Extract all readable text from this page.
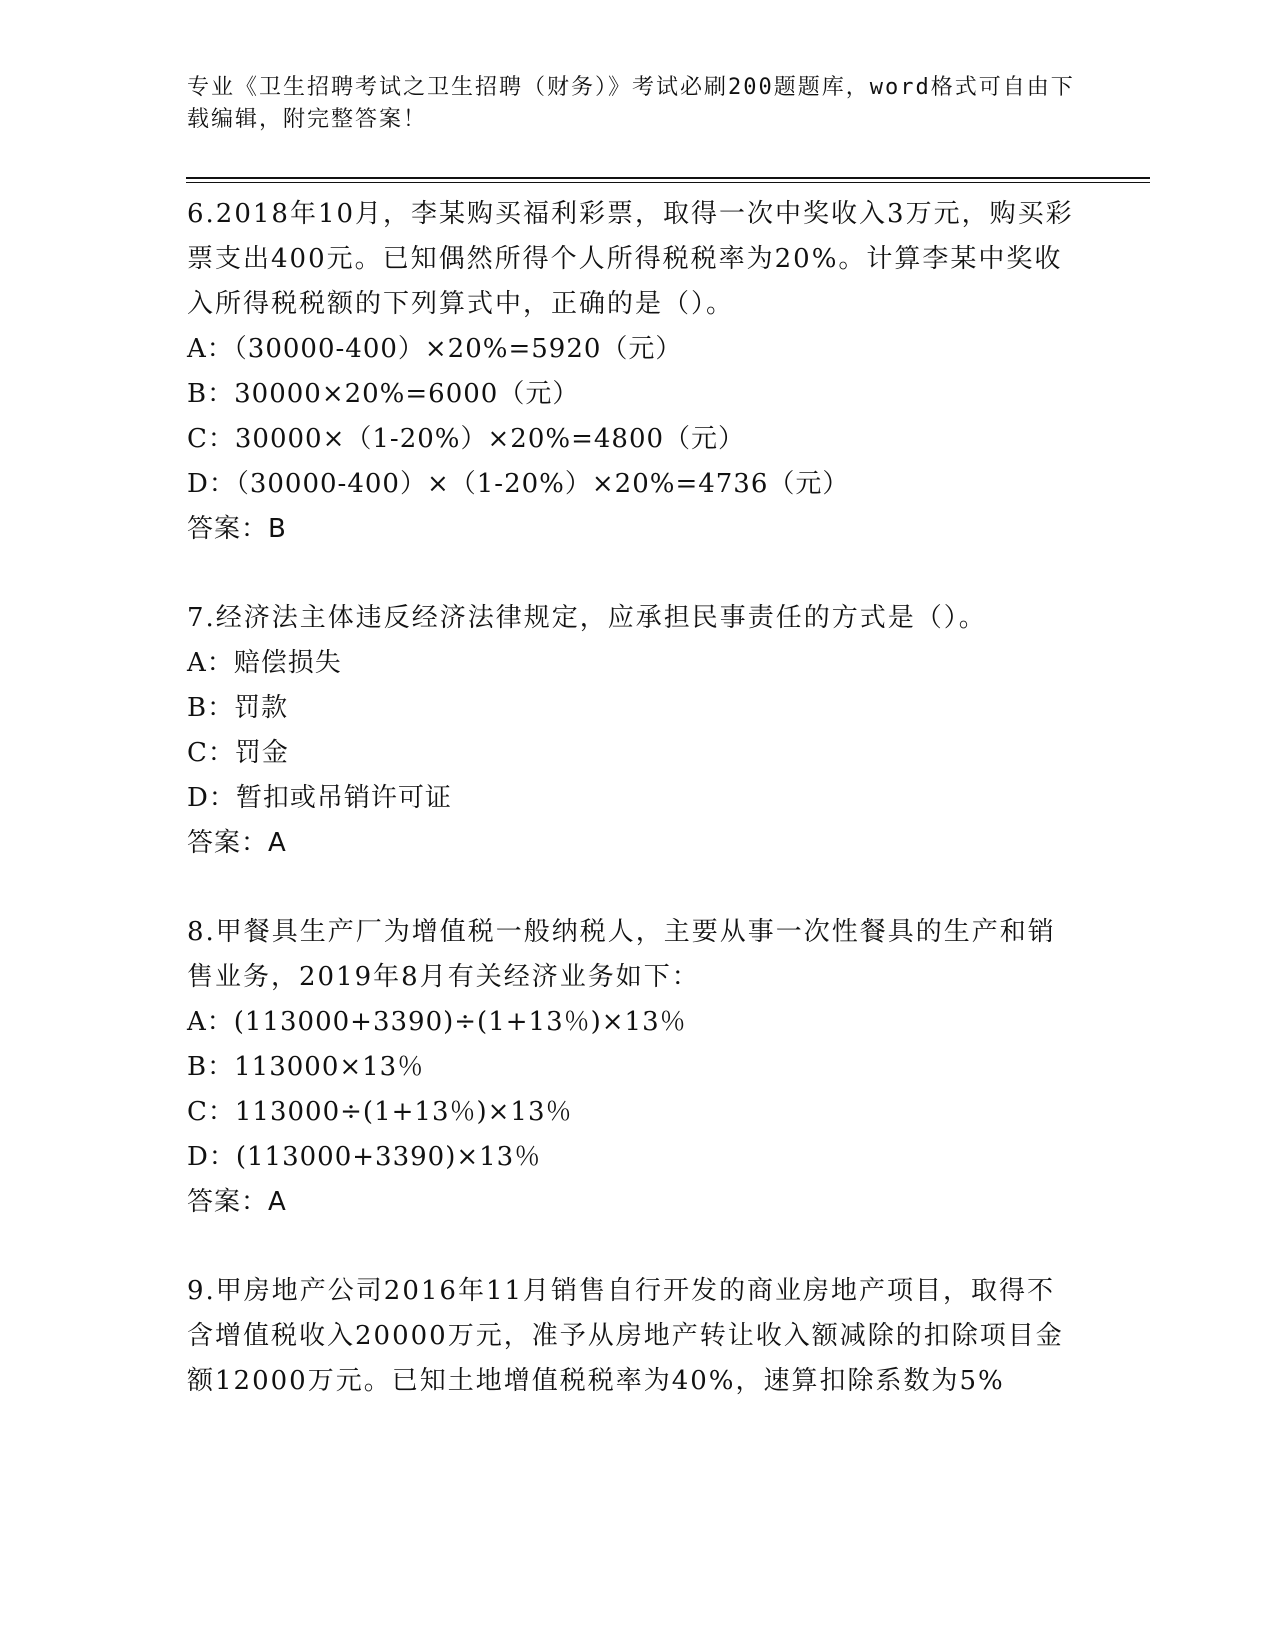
专业《卫生招聘考试之卫生招聘（财务）》考试必刷200题题库，word格式可自由下载编辑，附完整答案！

6.2018年10月，李某购买福利彩票，取得一次中奖收入3万元，购买彩票支出400元。已知偶然所得个人所得税税率为20%。计算李某中奖收入所得税税额的下列算式中，正确的是（）。

A：（30000-400）×20%=5920（元）

B：30000×20%=6000（元）

C：30000×（1-20%）×20%=4800（元）

D：（30000-400）×（1-20%）×20%=4736（元）

答案：B

7.经济法主体违反经济法律规定，应承担民事责任的方式是（）。

A：赔偿损失

B：罚款

C：罚金

D：暂扣或吊销许可证

答案：A

8.甲餐具生产厂为增值税一般纳税人，主要从事一次性餐具的生产和销售业务，2019年8月有关经济业务如下：

A：(113000+3390)÷(1+13％)×13％

B：113000×13％

C：113000÷(1+13％)×13％

D：(113000+3390)×13％

答案：A

9.甲房地产公司2016年11月销售自行开发的商业房地产项目，取得不含增值税收入20000万元，准予从房地产转让收入额减除的扣除项目金额12000万元。已知土地增值税税率为40%，速算扣除系数为5%
